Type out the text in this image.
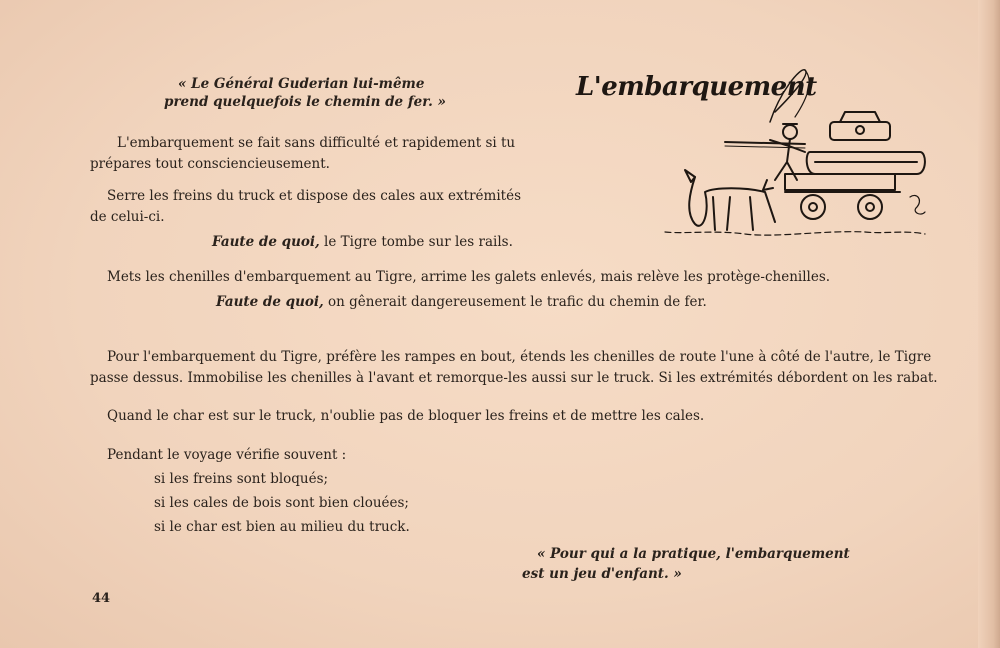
« Le Général Guderian lui-même
prend quelquefois le chemin de fer. »	L'embarquement
L'embarquement se fait sans difficulté et rapidement si tu
prépares tout consciencieusement.
Serre les freins du truck et dispose des cales aux extrémités
de celui-ci.
Faute de quoi, le Tigre tombe sur les rails.
Mets les chenilles d'embarquement au Tigre, arrime les galets enlevés, mais relève les protège-chenilles.
Faute de quoi, on gênerait dangereusement le trafic du chemin de fer.
Pour l'embarquement du Tigre, préfère les rampes en bout, étends les chenilles de route l'une à côté de l'autre, le Tigre
passe dessus. Immobilise les chenilles à l'avant et remorque-les aussi sur le truck. Si les extrémités débordent on les rabat.
Quand le char est sur le truck, n'oublie pas de bloquer les freins et de mettre les cales.
Pendant le voyage vérifie souvent :
si les freins sont bloqués;
si les cales de bois sont bien clouées;
si le char est bien au milieu du truck.
« Pour qui a la pratique, l'embarquement
est un jeu d'enfant. »
44
